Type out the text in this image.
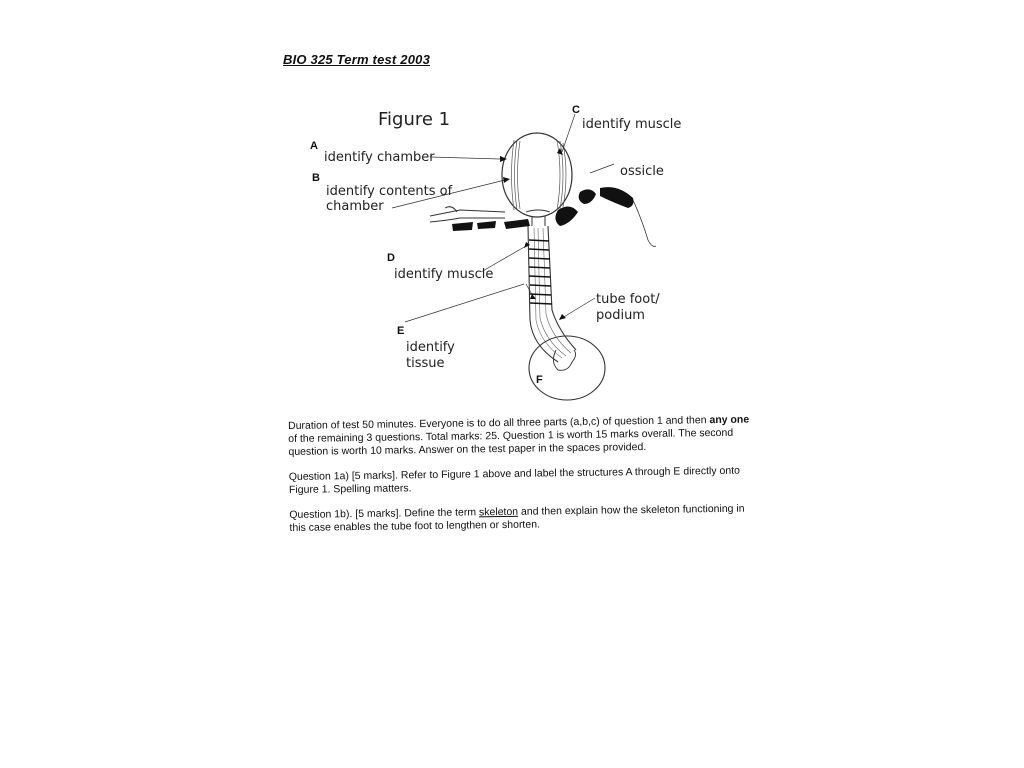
BIO 325 Term test 2003
Figure 1
A
identify chamber
B
identify contents of
chamber
C
identify muscle
ossicle
D
identify muscle
tube foot/
podium
E
identify
tissue
F

Duration of test 50 minutes. Everyone is to do all three parts (a,b,c) of question 1 and then any one of the remaining 3 questions. Total marks: 25. Question 1 is worth 15 marks overall. The second question is worth 10 marks. Answer on the test paper in the spaces provided.

Question 1a) [5 marks]. Refer to Figure 1 above and label the structures A through E directly onto Figure 1. Spelling matters.

Question 1b). [5 marks]. Define the term skeleton and then explain how the skeleton functioning in this case enables the tube foot to lengthen or shorten.
